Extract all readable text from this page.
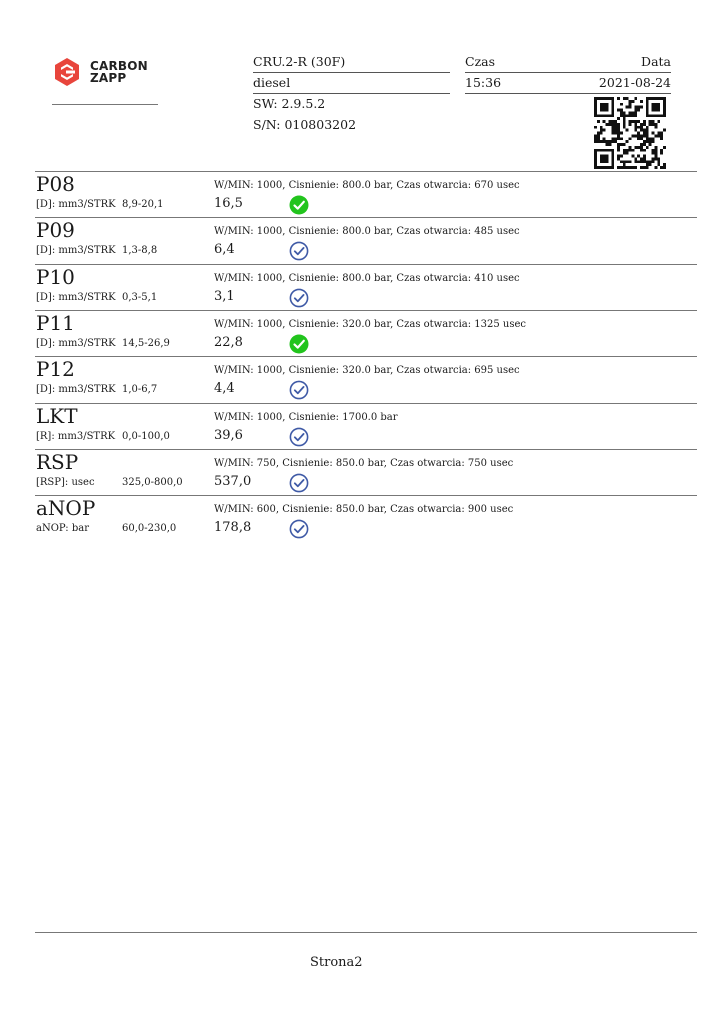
CARBON
ZAPP
CRU.2-R (30F)
diesel
SW: 2.9.5.2
S/N: 010803202
Czas	Data
15:36	2021-08-24
P08
[D]: mm3/STRK 8,9-20,1
W/MIN: 1000, Cisnienie: 800.0 bar, Czas otwarcia: 670 usec
16,5
P09
[D]: mm3/STRK 1,3-8,8
W/MIN: 1000, Cisnienie: 800.0 bar, Czas otwarcia: 485 usec
6,4
P10
[D]: mm3/STRK 0,3-5,1
W/MIN: 1000, Cisnienie: 800.0 bar, Czas otwarcia: 410 usec
3,1
P11
[D]: mm3/STRK 14,5-26,9
W/MIN: 1000, Cisnienie: 320.0 bar, Czas otwarcia: 1325 usec
22,8
P12
[D]: mm3/STRK 1,0-6,7
W/MIN: 1000, Cisnienie: 320.0 bar, Czas otwarcia: 695 usec
4,4
LKT
[R]: mm3/STRK 0,0-100,0
W/MIN: 1000, Cisnienie: 1700.0 bar
39,6
RSP
[RSP]: usec	325,0-800,0
W/MIN: 750, Cisnienie: 850.0 bar, Czas otwarcia: 750 usec
537,0
aNOP
aNOP: bar	60,0-230,0
W/MIN: 600, Cisnienie: 850.0 bar, Czas otwarcia: 900 usec
178,8
Strona2
